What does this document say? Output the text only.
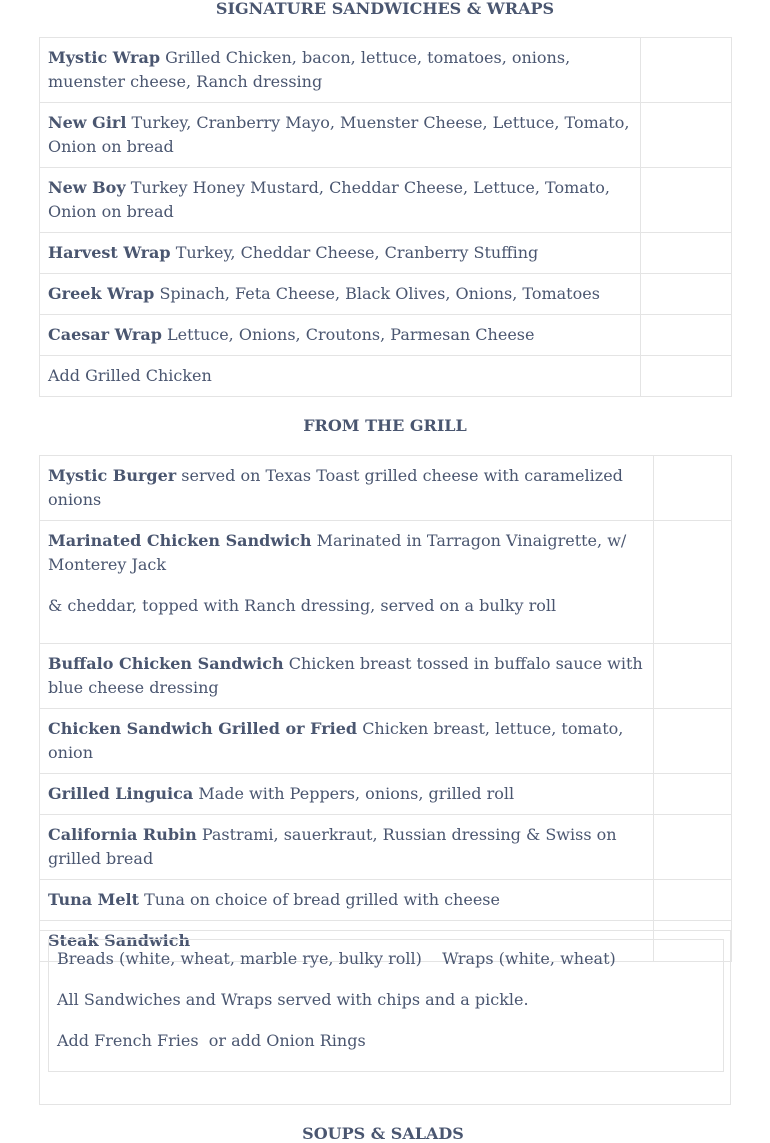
SIGNATURE SANDWICHES & WRAPS
Mystic Wrap Grilled Chicken, bacon, lettuce, tomatoes, onions, muenster cheese, Ranch dressing	
New Girl Turkey, Cranberry Mayo, Muenster Cheese, Lettuce, Tomato, Onion on bread	
New Boy Turkey Honey Mustard, Cheddar Cheese, Lettuce, Tomato, Onion on bread	
Harvest Wrap Turkey, Cheddar Cheese, Cranberry Stuffing	
Greek Wrap Spinach, Feta Cheese, Black Olives, Onions, Tomatoes	
Caesar Wrap Lettuce, Onions, Croutons, Parmesan Cheese	
Add Grilled Chicken	
FROM THE GRILL
Mystic Burger served on Texas Toast grilled cheese with caramelized onions	

Marinated Chicken Sandwich Marinated in Tarragon Vinaigrette, w/ Monterey Jack
& cheddar, topped with Ranch dressing, served on a bulky roll	

Buffalo Chicken Sandwich Chicken breast tossed in buffalo sauce with blue cheese dressing	
Chicken Sandwich Grilled or Fried Chicken breast, lettuce, tomato, onion	
Grilled Linguica Made with Peppers, onions, grilled roll	
California Rubin Pastrami, sauerkraut, Russian dressing & Swiss on grilled bread	
Tuna Melt Tuna on choice of bread grilled with cheese	
Steak Sandwich	

Breads (white, wheat, marble rye, bulky roll)    Wraps (white, wheat)

All Sandwiches and Wraps served with chips and a pickle.

Add French Fries  or add Onion Rings

SOUPS & SALADS
